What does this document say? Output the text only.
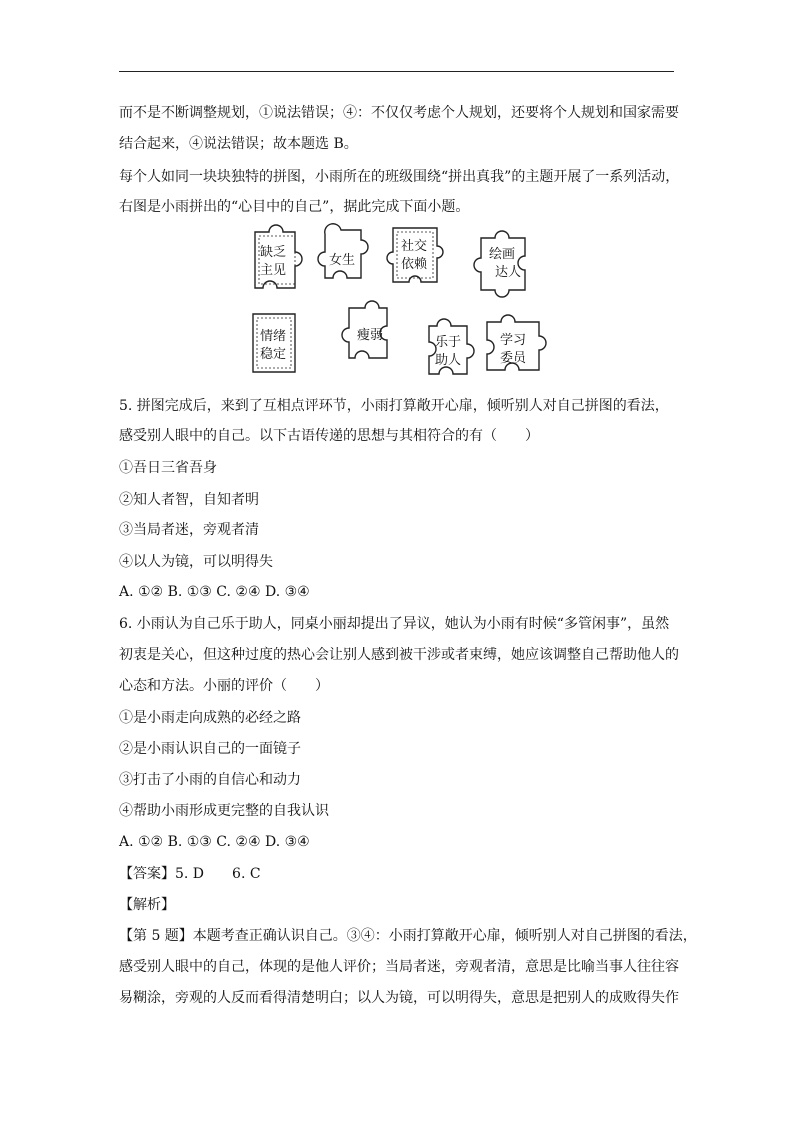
而不是不断调整规划，①说法错误；④：不仅仅考虑个人规划，还要将个人规划和国家需要
结合起来，④说法错误；故本题选 B。
每个人如同一块块独特的拼图，小雨所在的班级围绕“拼出真我”的主题开展了一系列活动，
右图是小雨拼出的“心目中的自己”，据此完成下面小题。
缺乏
主见
女生
社交
依赖
绘画
达人
情绪
稳定
瘦弱	乐于
助人
学习
委员
5. 拼图完成后，来到了互相点评环节，小雨打算敞开心扉，倾听别人对自己拼图的看法，
感受别人眼中的自己。以下古语传递的思想与其相符合的有（　　）
①吾日三省吾身
②知人者智，自知者明
③当局者迷，旁观者清
④以人为镜，可以明得失
A. ①② B. ①③ C. ②④ D. ③④
6. 小雨认为自己乐于助人，同桌小丽却提出了异议，她认为小雨有时候“多管闲事”，虽然
初衷是关心，但这种过度的热心会让别人感到被干涉或者束缚，她应该调整自己帮助他人的
心态和方法。小丽的评价（　　）
①是小雨走向成熟的必经之路
②是小雨认识自己的一面镜子
③打击了小雨的自信心和动力
④帮助小雨形成更完整的自我认识
A. ①② B. ①③ C. ②④ D. ③④
【答案】5. D　　6. C
【解析】
【第 5 题】本题考查正确认识自己。③④：小雨打算敞开心扉，倾听别人对自己拼图的看法，
感受别人眼中的自己，体现的是他人评价；当局者迷，旁观者清，意思是比喻当事人往往容
易糊涂，旁观的人反而看得清楚明白；以人为镜，可以明得失，意思是把别人的成败得失作
